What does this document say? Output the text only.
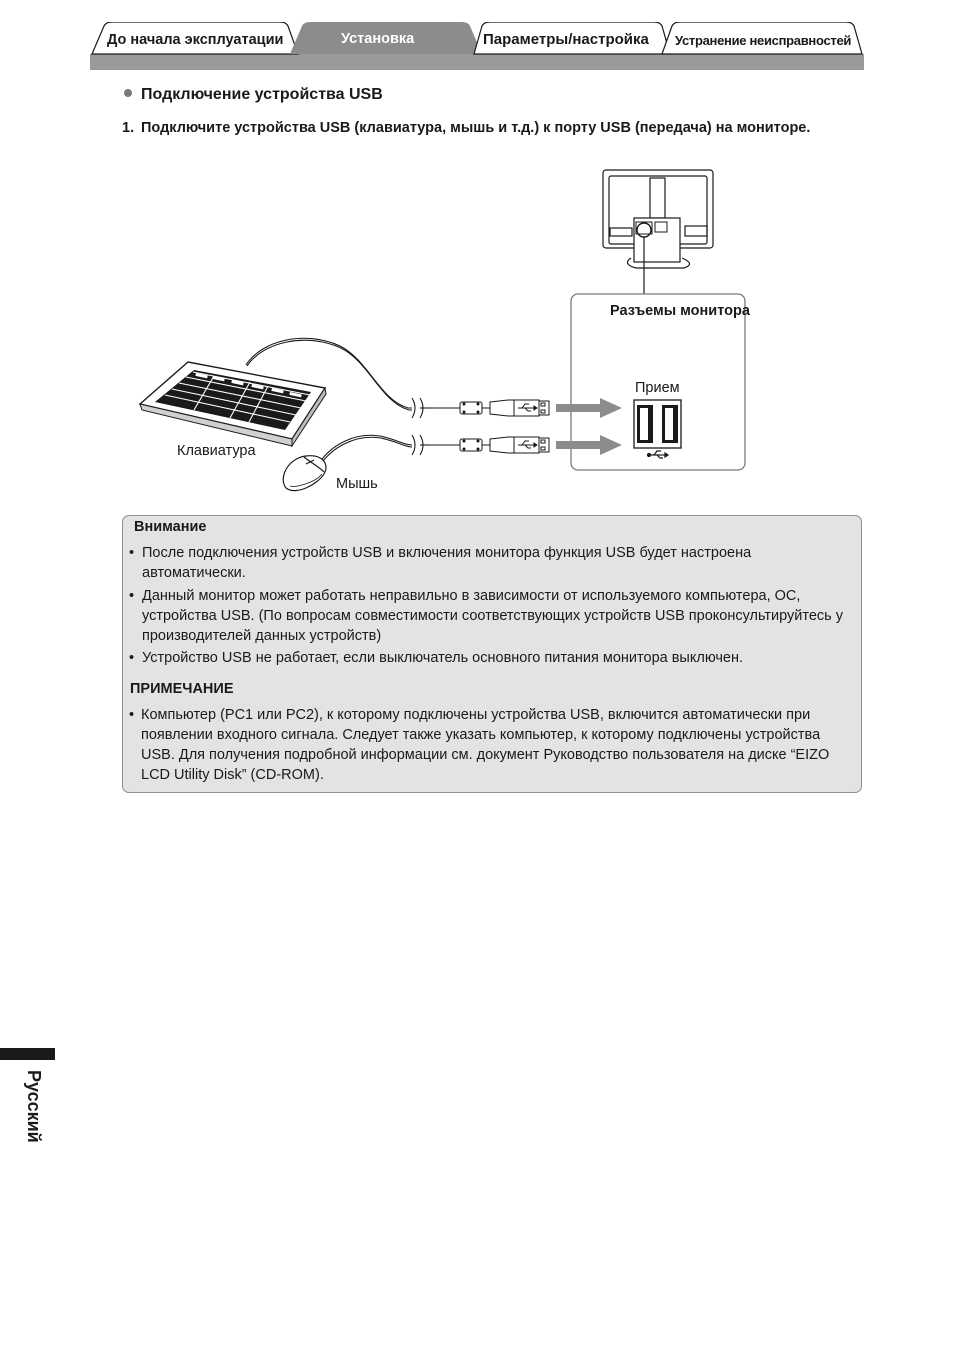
До начала эксплуатации	Установка	Параметры/настройка Устранение неисправностей
Подключение устройства USB
1. Подключите устройства USB (клавиатура, мышь и т.д.) к порту USB (передача) на мониторе.
Разъемы монитора
Прием
Клавиатура
Мышь
Внимание
• После подключения устройств USB и включения монитора функция USB будет настроена автоматически.
• Данный монитор может работать неправильно в зависимости от используемого компьютера, ОС, устройства USB. (По вопросам совместимости соответствующих устройств USB проконсультируйтесь у производителей данных устройств)
• Устройство USB не работает, если выключатель основного питания монитора выключен.
ПРИМЕЧАНИЕ
• Компьютер (PC1 или PC2), к которому подключены устройства USB, включится автоматически при появлении входного сигнала. Следует также указать компьютер, к которому подключены устройства USB. Для получения подробной информации см. документ Руководство пользователя на диске “EIZO LCD Utility Disk” (CD-ROM).
Русский
